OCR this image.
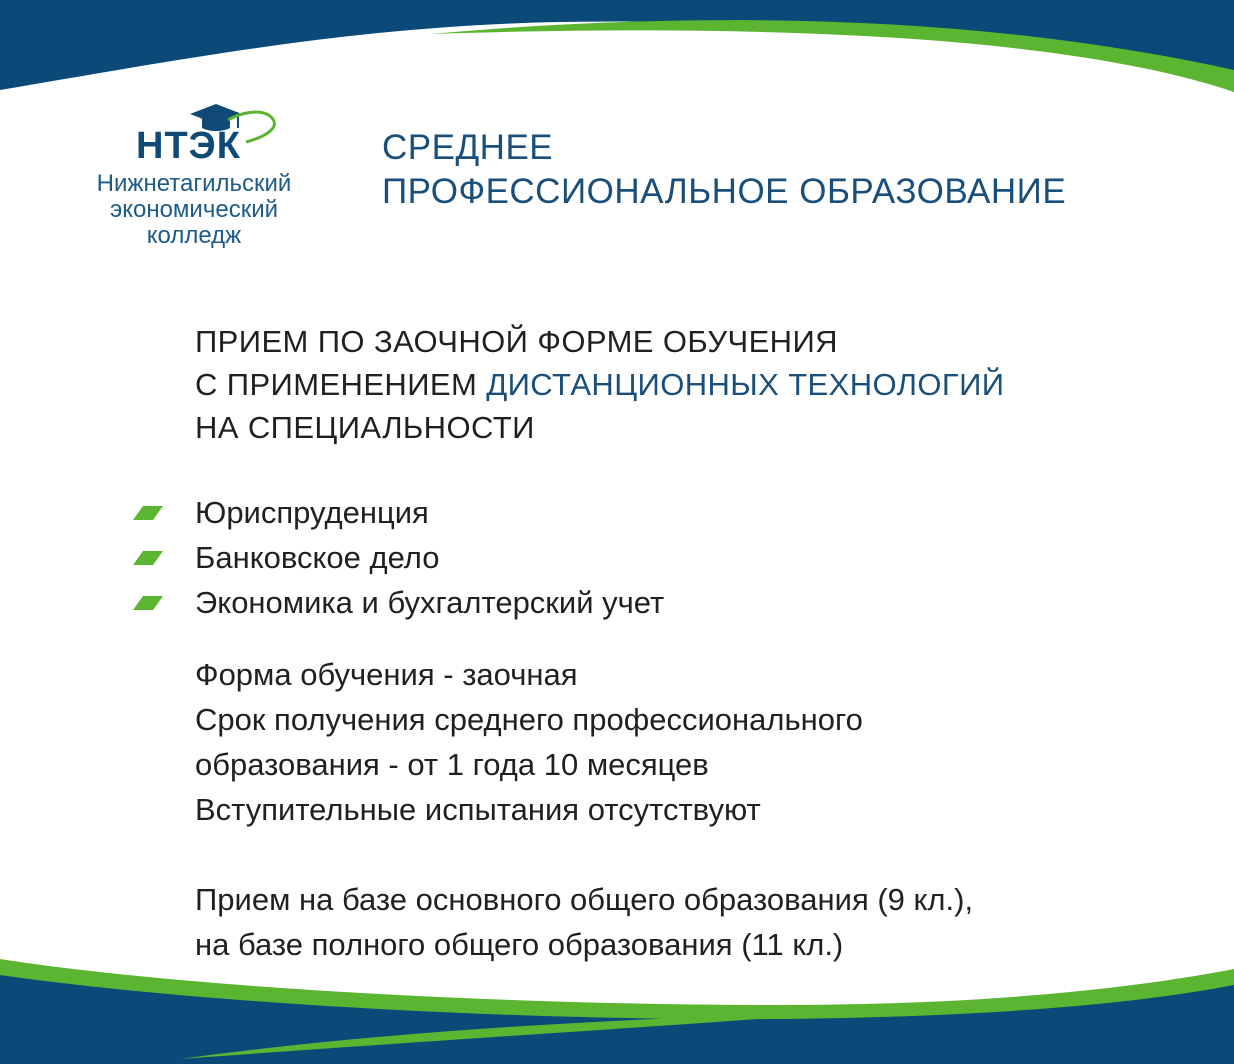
НТЭК
Нижнетагильский
экономический
колледж
СРЕДНЕЕ
ПРОФЕССИОНАЛЬНОЕ ОБРАЗОВАНИЕ
ПРИЕМ ПО ЗАОЧНОЙ ФОРМЕ ОБУЧЕНИЯ
С ПРИМЕНЕНИЕМ ДИСТАНЦИОННЫХ ТЕХНОЛОГИЙ
НА СПЕЦИАЛЬНОСТИ
Юриспруденция
Банковское дело
Экономика и бухгалтерский учет
Форма обучения - заочная
Срок получения среднего профессионального
образования - от 1 года 10 месяцев
Вступительные испытания отсутствуют
Прием на базе основного общего образования (9 кл.),
на базе полного общего образования (11 кл.)
